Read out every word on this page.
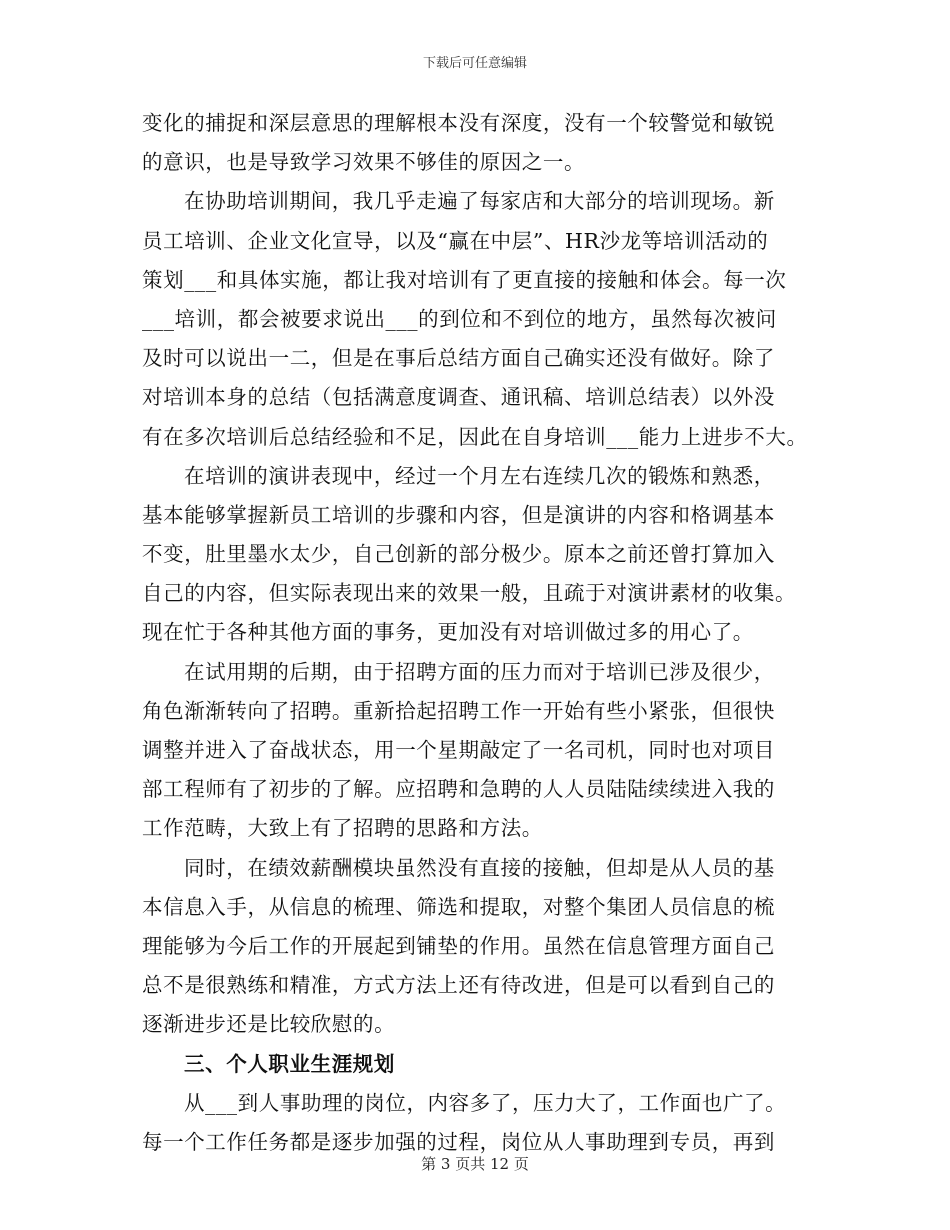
下载后可任意编辑
变化的捕捉和深层意思的理解根本没有深度，没有一个较警觉和敏锐
的意识，也是导致学习效果不够佳的原因之一。
在协助培训期间，我几乎走遍了每家店和大部分的培训现场。新
员工培训、企业文化宣导，以及“赢在中层”、HR沙龙等培训活动的
策划___和具体实施，都让我对培训有了更直接的接触和体会。每一次
___培训，都会被要求说出___的到位和不到位的地方，虽然每次被问
及时可以说出一二，但是在事后总结方面自己确实还没有做好。除了
对培训本身的总结（包括满意度调查、通讯稿、培训总结表）以外没
有在多次培训后总结经验和不足，因此在自身培训___能力上进步不大。
在培训的演讲表现中，经过一个月左右连续几次的锻炼和熟悉，
基本能够掌握新员工培训的步骤和内容，但是演讲的内容和格调基本
不变，肚里墨水太少，自己创新的部分极少。原本之前还曾打算加入
自己的内容，但实际表现出来的效果一般，且疏于对演讲素材的收集。
现在忙于各种其他方面的事务，更加没有对培训做过多的用心了。
在试用期的后期，由于招聘方面的压力而对于培训已涉及很少，
角色渐渐转向了招聘。重新拾起招聘工作一开始有些小紧张，但很快
调整并进入了奋战状态，用一个星期敲定了一名司机，同时也对项目
部工程师有了初步的了解。应招聘和急聘的人人员陆陆续续进入我的
工作范畴，大致上有了招聘的思路和方法。
同时，在绩效薪酬模块虽然没有直接的接触，但却是从人员的基
本信息入手，从信息的梳理、筛选和提取，对整个集团人员信息的梳
理能够为今后工作的开展起到铺垫的作用。虽然在信息管理方面自己
总不是很熟练和精准，方式方法上还有待改进，但是可以看到自己的
逐渐进步还是比较欣慰的。
三、个人职业生涯规划
从___到人事助理的岗位，内容多了，压力大了，工作面也广了。
每一个工作任务都是逐步加强的过程，岗位从人事助理到专员，再到
第 3 页共 12 页
